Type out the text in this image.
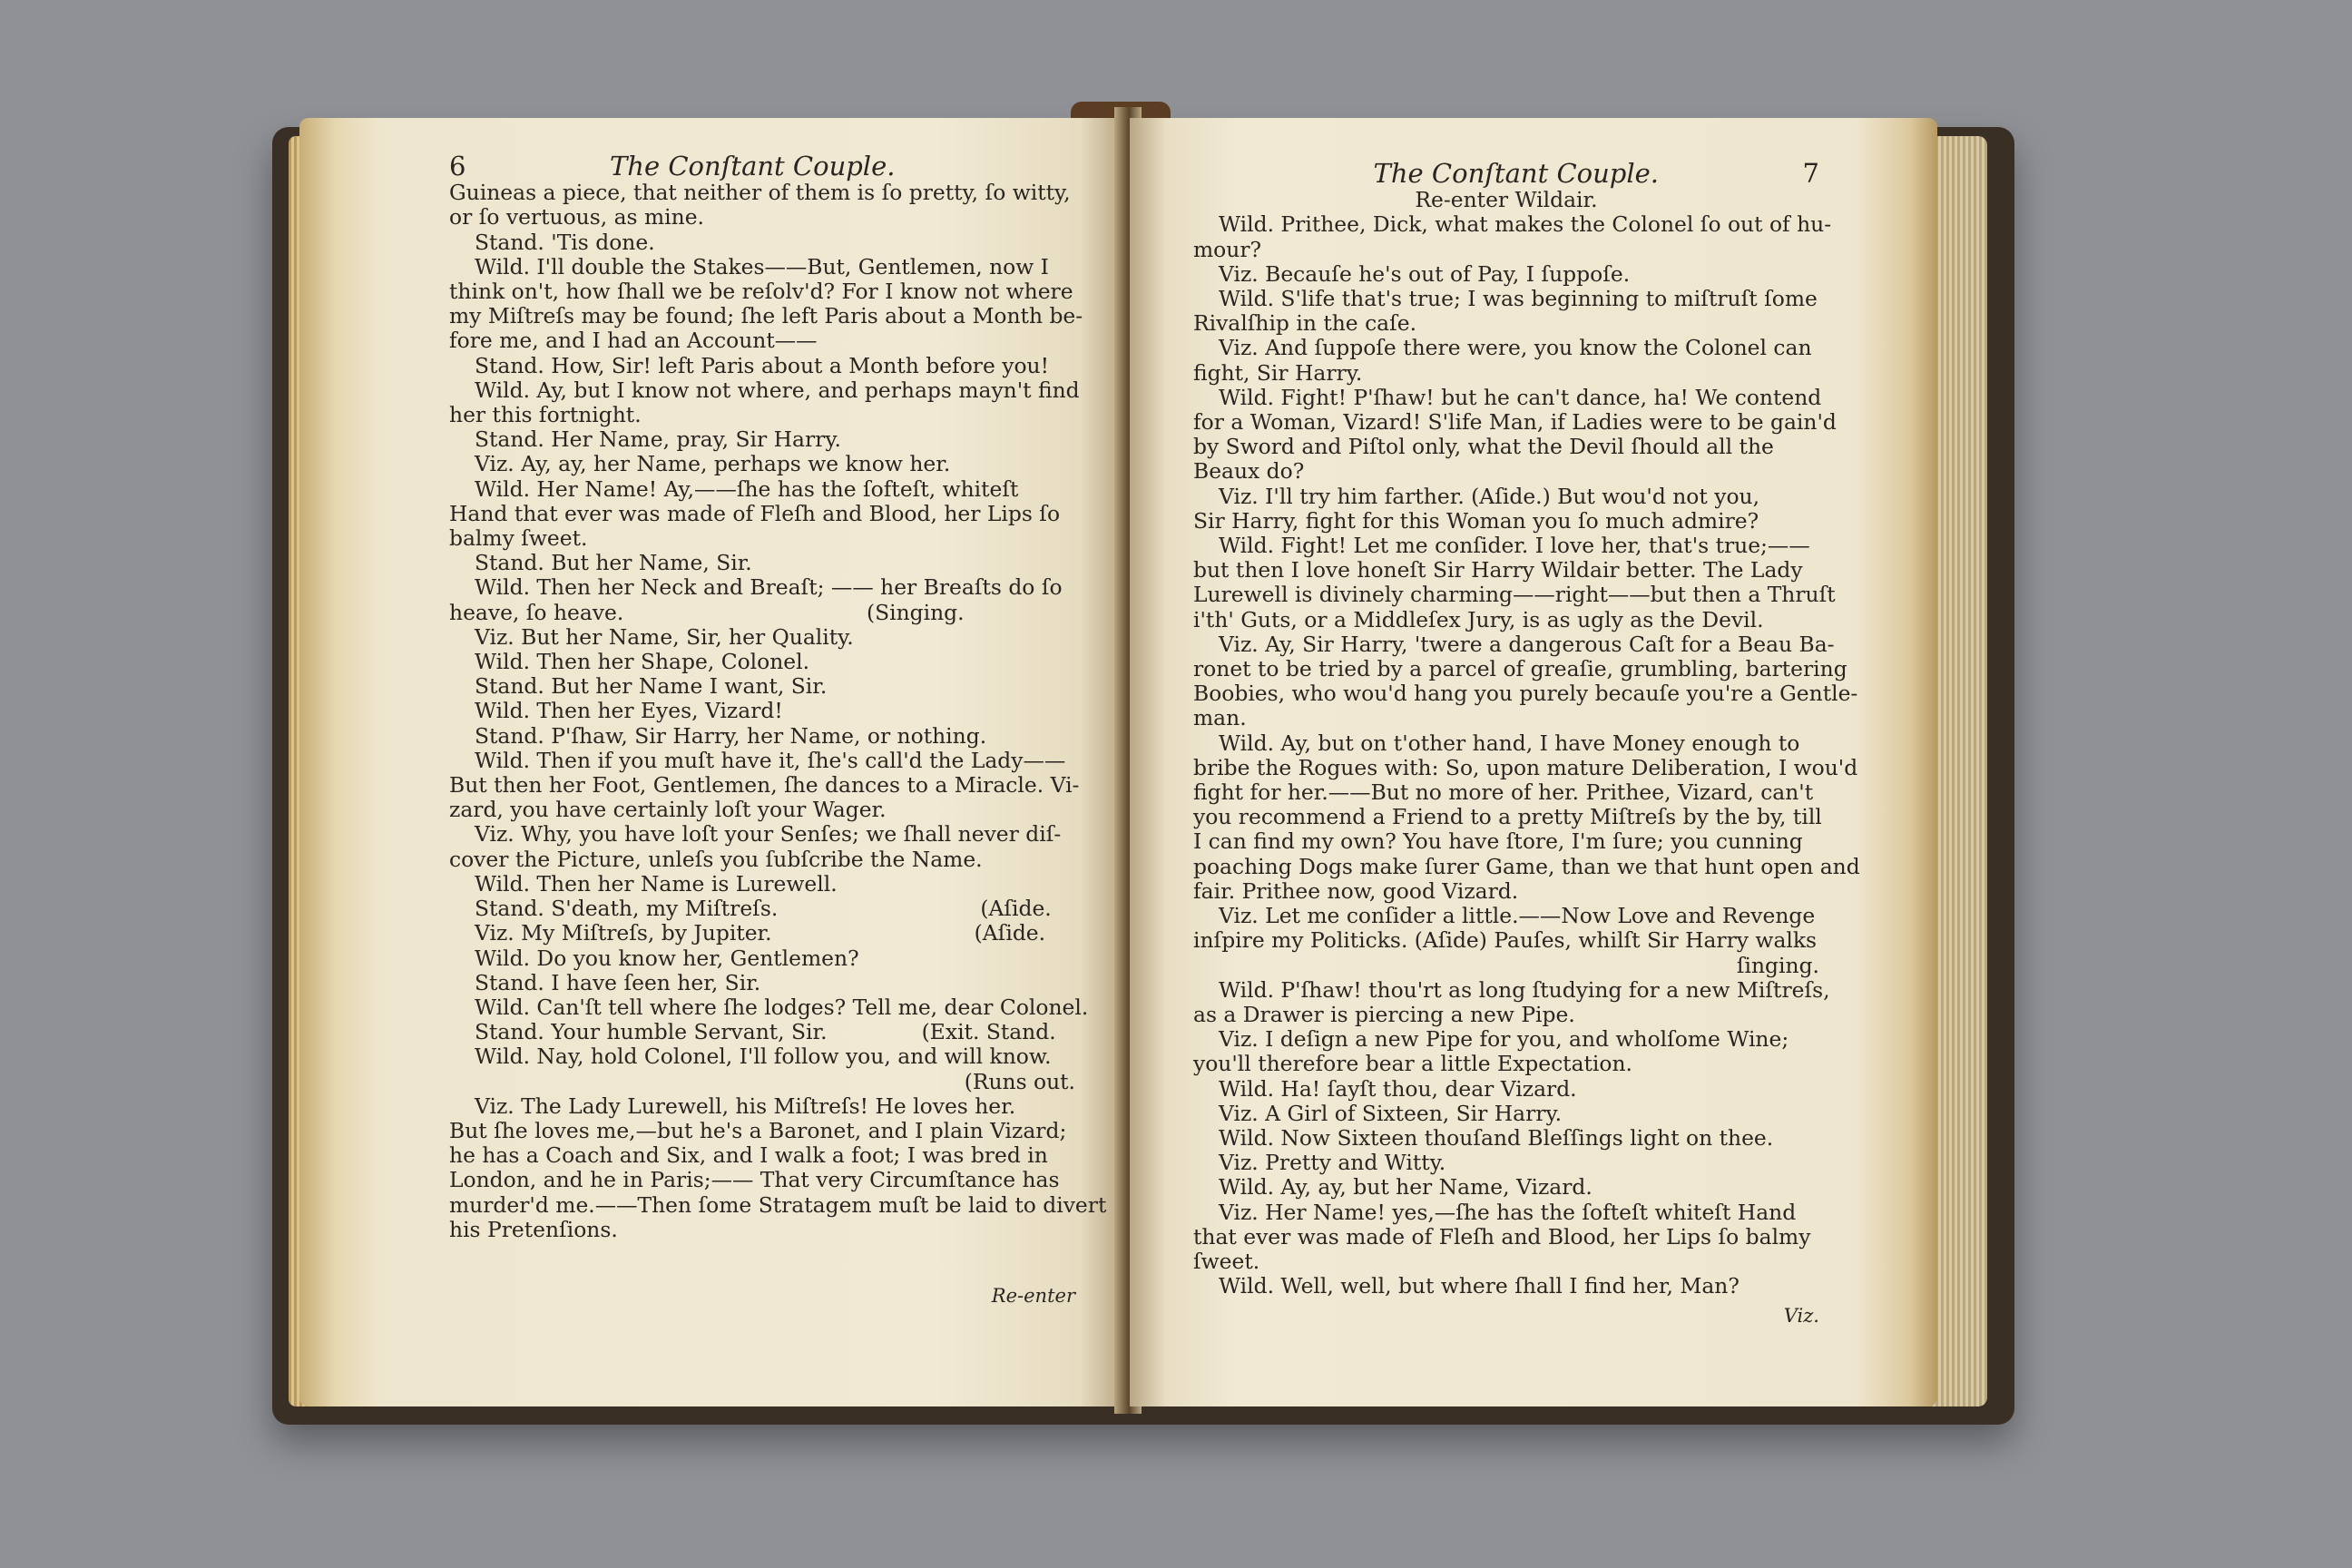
6	The Conſtant Couple.
Guineas a piece, that neither of them is ſo pretty, ſo witty,
or ſo vertuous, as mine.
Stand. 'Tis done.
Wild. I'll double the Stakes——But, Gentlemen, now I
think on't, how ſhall we be reſolv'd? For I know not where
my Miſtreſs may be found; ſhe left Paris about a Month be-
fore me, and I had an Account——
Stand. How, Sir! left Paris about a Month before you!
Wild. Ay, but I know not where, and perhaps mayn't find
her this fortnight.
Stand. Her Name, pray, Sir Harry.
Viz. Ay, ay, her Name, perhaps we know her.
Wild. Her Name! Ay,——ſhe has the ſofteſt, whiteſt
Hand that ever was made of Fleſh and Blood, her Lips ſo
balmy ſweet.
Stand. But her Name, Sir.
Wild. Then her Neck and Breaſt; —— her Breaſts do ſo
heave, ſo heave.                                    (Singing.
Viz. But her Name, Sir, her Quality.
Wild. Then her Shape, Colonel.
Stand. But her Name I want, Sir.
Wild. Then her Eyes, Vizard!
Stand. P'ſhaw, Sir Harry, her Name, or nothing.
Wild. Then if you muſt have it, ſhe's call'd the Lady——
But then her Foot, Gentlemen, ſhe dances to a Miracle. Vi-
zard, you have certainly loſt your Wager.
Viz. Why, you have loſt your Senſes; we ſhall never diſ-
cover the Picture, unleſs you ſubſcribe the Name.
Wild. Then her Name is Lurewell.
Stand. S'death, my Miſtreſs.                              (Aſide.
Viz. My Miſtreſs, by Jupiter.                              (Aſide.
Wild. Do you know her, Gentlemen?
Stand. I have ſeen her, Sir.
Wild. Can'ſt tell where ſhe lodges? Tell me, dear Colonel.
Stand. Your humble Servant, Sir.              (Exit. Stand.
Wild. Nay, hold Colonel, I'll follow you, and will know.
(Runs out.
Viz. The Lady Lurewell, his Miſtreſs! He loves her.
But ſhe loves me,—but he's a Baronet, and I plain Vizard;
he has a Coach and Six, and I walk a foot; I was bred in
London, and he in Paris;—— That very Circumſtance has
murder'd me.——Then ſome Stratagem muſt be laid to divert
his Pretenſions.
Re-enter
The Conſtant Couple.	7
Re-enter Wildair.
Wild. Prithee, Dick, what makes the Colonel ſo out of hu-
mour?
Viz. Becauſe he's out of Pay, I ſuppoſe.
Wild. S'life that's true; I was beginning to miſtruſt ſome
Rivalſhip in the caſe.
Viz. And ſuppoſe there were, you know the Colonel can
fight, Sir Harry.
Wild. Fight! P'ſhaw! but he can't dance, ha! We contend
for a Woman, Vizard! S'life Man, if Ladies were to be gain'd
by Sword and Piſtol only, what the Devil ſhould all the
Beaux do?
Viz. I'll try him farther. (Aſide.) But wou'd not you,
Sir Harry, fight for this Woman you ſo much admire?
Wild. Fight! Let me conſider. I love her, that's true;——
but then I love honeſt Sir Harry Wildair better. The Lady
Lurewell is divinely charming——right——but then a Thruſt
i'th' Guts, or a Middleſex Jury, is as ugly as the Devil.
Viz. Ay, Sir Harry, 'twere a dangerous Caſt for a Beau Ba-
ronet to be tried by a parcel of greaſie, grumbling, bartering
Boobies, who wou'd hang you purely becauſe you're a Gentle-
man.
Wild. Ay, but on t'other hand, I have Money enough to
bribe the Rogues with: So, upon mature Deliberation, I wou'd
fight for her.——But no more of her. Prithee, Vizard, can't
you recommend a Friend to a pretty Miſtreſs by the by, till
I can find my own? You have ſtore, I'm ſure; you cunning
poaching Dogs make ſurer Game, than we that hunt open and
fair. Prithee now, good Vizard.
Viz. Let me conſider a little.——Now Love and Revenge
inſpire my Politicks. (Aſide) Pauſes, whilſt Sir Harry walks
ſinging.
Wild. P'ſhaw! thou'rt as long ſtudying for a new Miſtreſs,
as a Drawer is piercing a new Pipe.
Viz. I deſign a new Pipe for you, and wholſome Wine;
you'll therefore bear a little Expectation.
Wild. Ha! ſayſt thou, dear Vizard.
Viz. A Girl of Sixteen, Sir Harry.
Wild. Now Sixteen thouſand Bleſſings light on thee.
Viz. Pretty and Witty.
Wild. Ay, ay, but her Name, Vizard.
Viz. Her Name! yes,—ſhe has the ſofteſt whiteſt Hand
that ever was made of Fleſh and Blood, her Lips ſo balmy
ſweet.
Wild. Well, well, but where ſhall I find her, Man?
Viz.
